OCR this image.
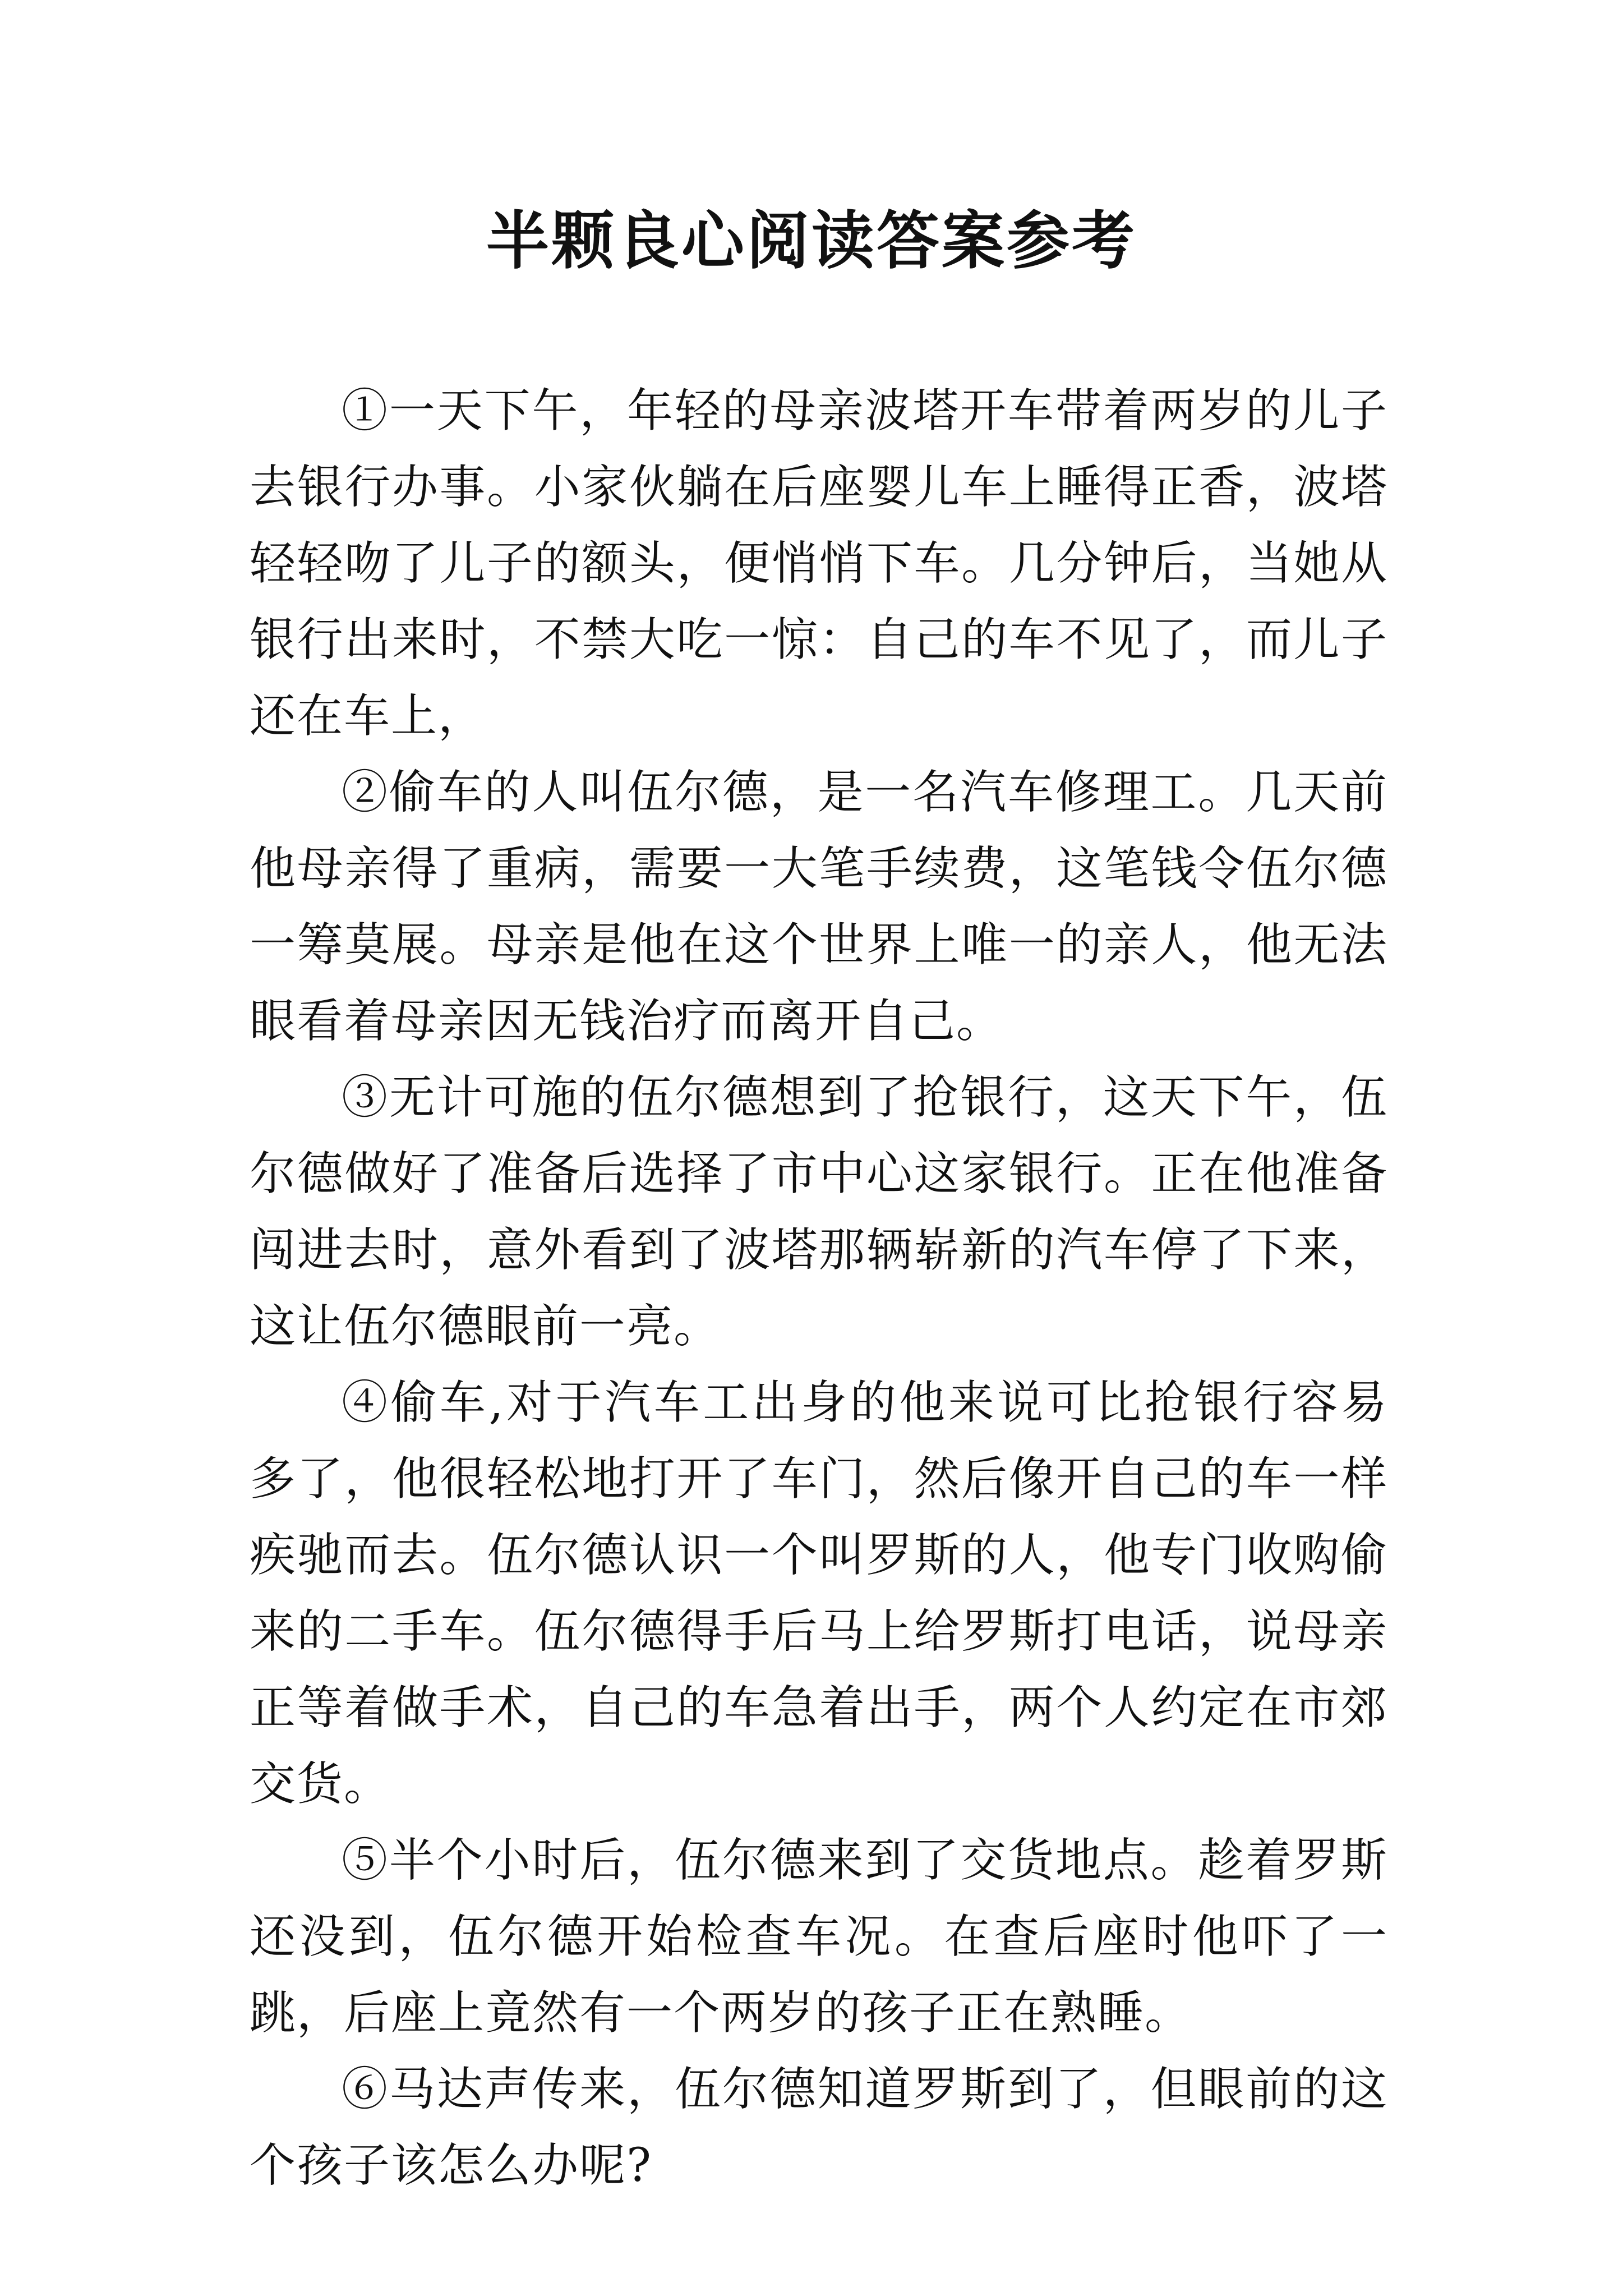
半颗良心阅读答案参考

①一天下午，年轻的母亲波塔开车带着两岁的儿子去银行办事。小家伙躺在后座婴儿车上睡得正香，波塔轻轻吻了儿子的额头，便悄悄下车。几分钟后，当她从银行出来时，不禁大吃一惊：自己的车不见了，而儿子还在车上，

②偷车的人叫伍尔德，是一名汽车修理工。几天前他母亲得了重病，需要一大笔手续费，这笔钱令伍尔德一筹莫展。母亲是他在这个世界上唯一的亲人，他无法眼看着母亲因无钱治疗而离开自己。

③无计可施的伍尔德想到了抢银行，这天下午，伍尔德做好了准备后选择了市中心这家银行。正在他准备闯进去时，意外看到了波塔那辆崭新的汽车停了下来，这让伍尔德眼前一亮。

④偷车,对于汽车工出身的他来说可比抢银行容易多了，他很轻松地打开了车门，然后像开自己的车一样疾驰而去。伍尔德认识一个叫罗斯的人，他专门收购偷来的二手车。伍尔德得手后马上给罗斯打电话，说母亲正等着做手术，自己的车急着出手，两个人约定在市郊交货。

⑤半个小时后，伍尔德来到了交货地点。趁着罗斯还没到，伍尔德开始检查车况。在查后座时他吓了一跳，后座上竟然有一个两岁的孩子正在熟睡。

⑥马达声传来，伍尔德知道罗斯到了，但眼前的这个孩子该怎么办呢?
